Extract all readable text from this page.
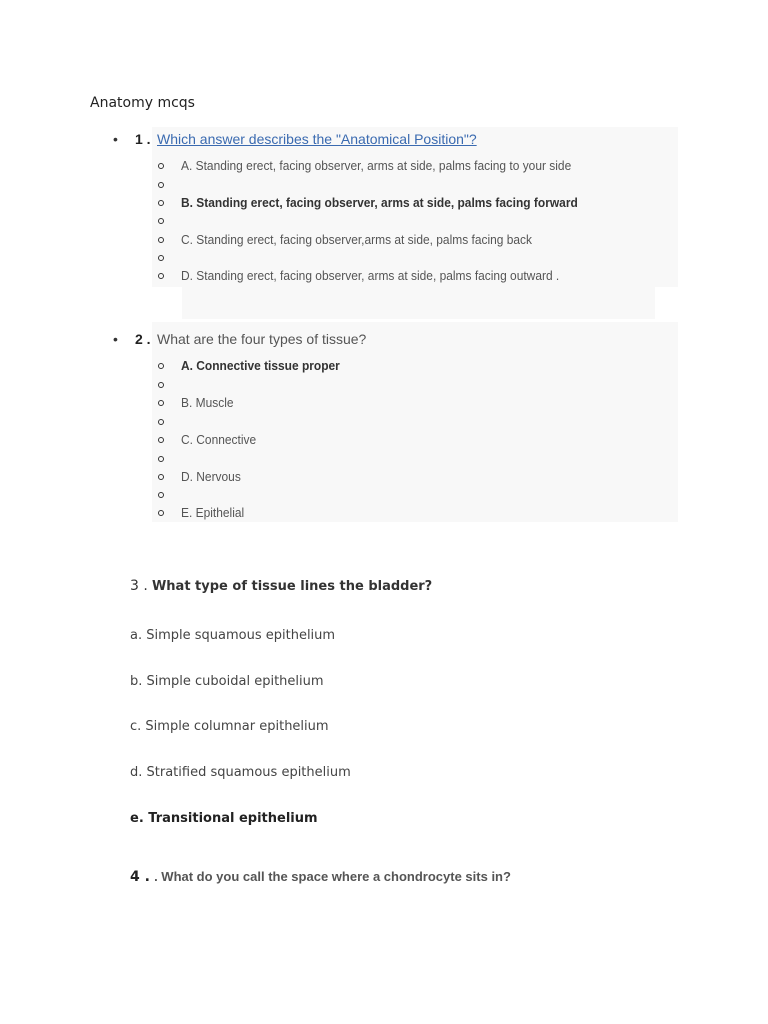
Anatomy mcqs
• 1 . Which answer describes the "Anatomical Position"?
A. Standing erect, facing observer, arms at side, palms facing to your side
B. Standing erect, facing observer, arms at side, palms facing forward
C. Standing erect, facing observer,arms at side, palms facing back
D. Standing erect, facing observer, arms at side, palms facing outward .
• 2 . What are the four types of tissue?
A. Connective tissue proper
B. Muscle
C. Connective
D. Nervous
E. Epithelial
3 . What type of tissue lines the bladder?
a. Simple squamous epithelium
b. Simple cuboidal epithelium
c. Simple columnar epithelium
d. Stratified squamous epithelium
e. Transitional epithelium
4 . . What do you call the space where a chondrocyte sits in?
